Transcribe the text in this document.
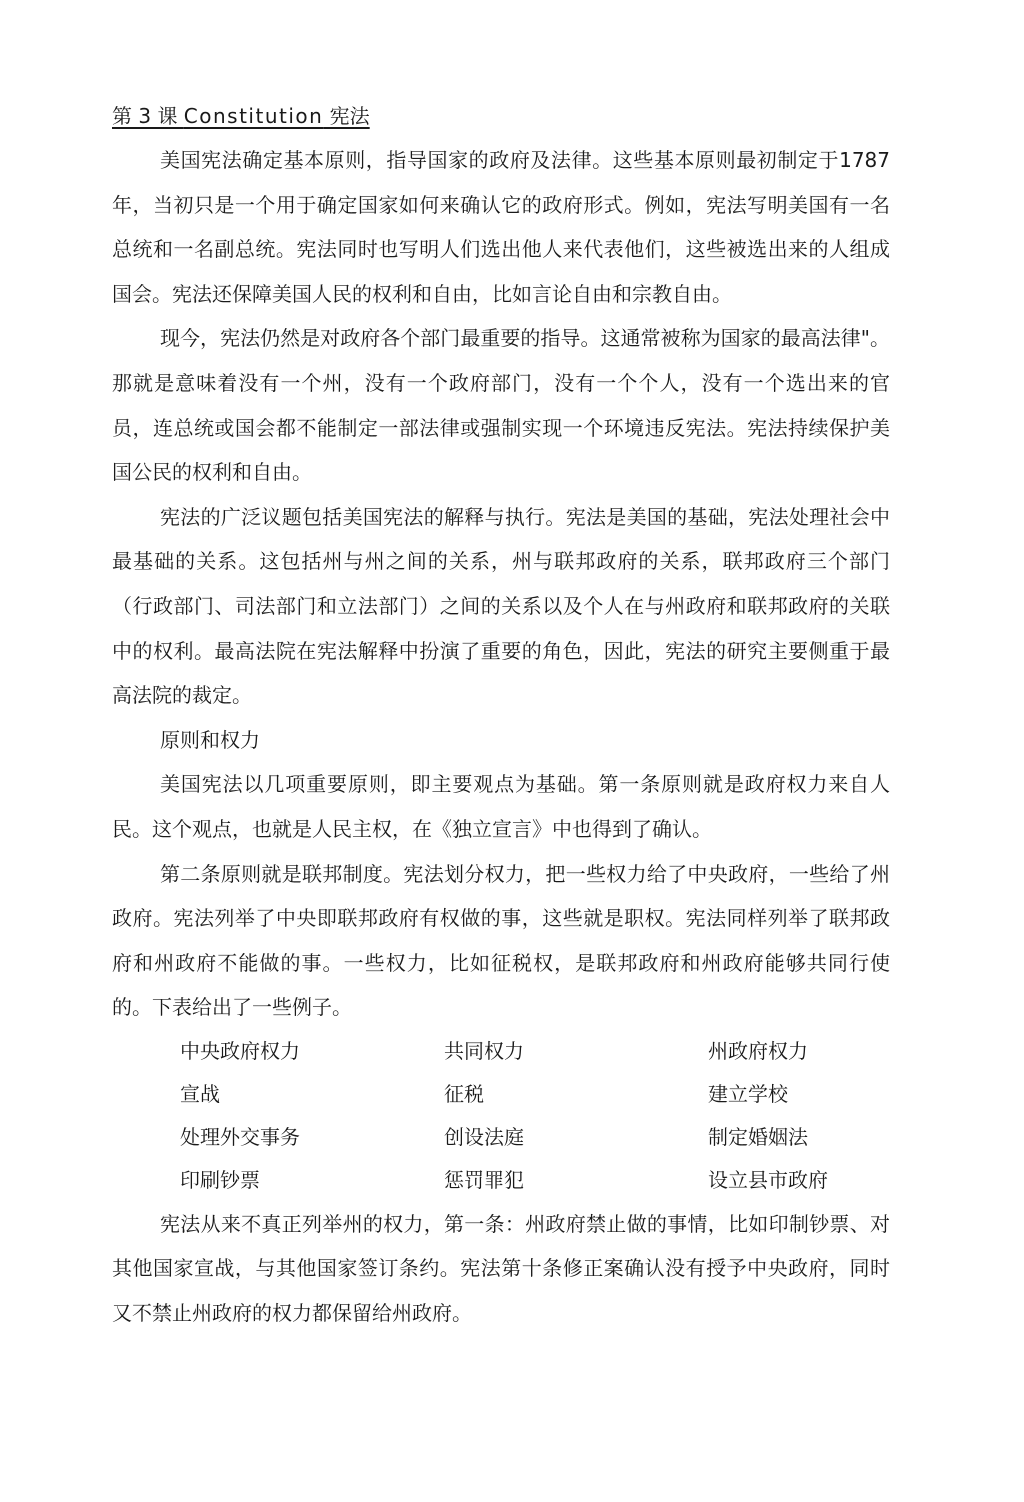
第 3 课 Constitution 宪法

美国宪法确定基本原则，指导国家的政府及法律。这些基本原则最初制定于1787年，当初只是一个用于确定国家如何来确认它的政府形式。例如，宪法写明美国有一名总统和一名副总统。宪法同时也写明人们选出他人来代表他们，这些被选出来的人组成国会。宪法还保障美国人民的权利和自由，比如言论自由和宗教自由。

现今，宪法仍然是对政府各个部门最重要的指导。这通常被称为国家的最高法律"。那就是意味着没有一个州，没有一个政府部门，没有一个个人，没有一个选出来的官员，连总统或国会都不能制定一部法律或强制实现一个环境违反宪法。宪法持续保护美国公民的权利和自由。

宪法的广泛议题包括美国宪法的解释与执行。宪法是美国的基础，宪法处理社会中最基础的关系。这包括州与州之间的关系，州与联邦政府的关系，联邦政府三个部门（行政部门、司法部门和立法部门）之间的关系以及个人在与州政府和联邦政府的关联中的权利。最高法院在宪法解释中扮演了重要的角色，因此，宪法的研究主要侧重于最高法院的裁定。

原则和权力

美国宪法以几项重要原则，即主要观点为基础。第一条原则就是政府权力来自人民。这个观点，也就是人民主权，在《独立宣言》中也得到了确认。

第二条原则就是联邦制度。宪法划分权力，把一些权力给了中央政府，一些给了州政府。宪法列举了中央即联邦政府有权做的事，这些就是职权。宪法同样列举了联邦政府和州政府不能做的事。一些权力，比如征税权，是联邦政府和州政府能够共同行使的。下表给出了一些例子。

中央政府权力	共同权力	州政府权力
宣战	征税	建立学校
处理外交事务	创设法庭	制定婚姻法
印刷钞票	惩罚罪犯	设立县市政府

宪法从来不真正列举州的权力，第一条：州政府禁止做的事情，比如印制钞票、对其他国家宣战，与其他国家签订条约。宪法第十条修正案确认没有授予中央政府，同时又不禁止州政府的权力都保留给州政府。
